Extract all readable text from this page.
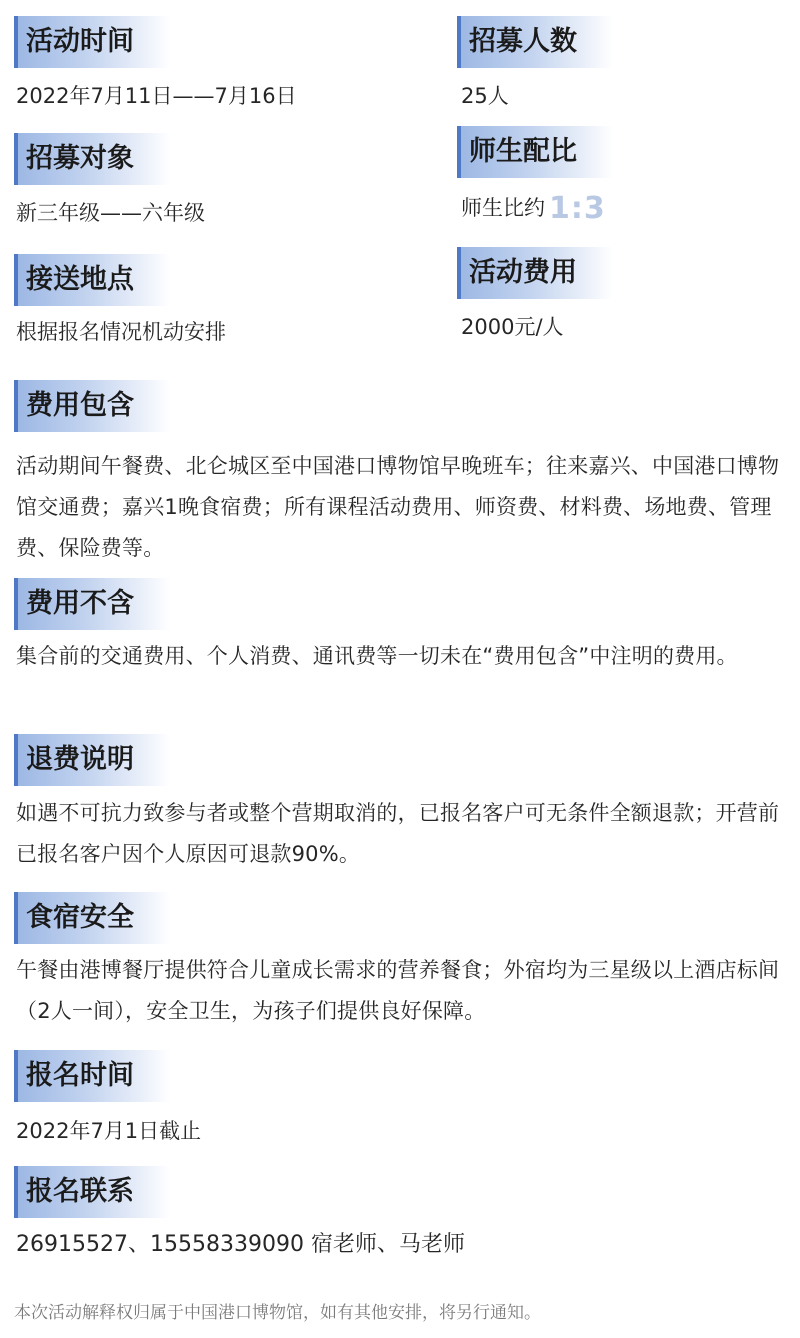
活动时间	招募人数
2022年7月11日——7月16日	25人
招募对象	师生配比
新三年级——六年级	师生比约 1:3
接送地点	活动费用
根据报名情况机动安排	2000元/人
费用包含
活动期间午餐费、北仑城区至中国港口博物馆早晚班车；往来嘉兴、中国港口博物馆交通费；嘉兴1晚食宿费；所有课程活动费用、师资费、材料费、场地费、管理费、保险费等。
费用不含
集合前的交通费用、个人消费、通讯费等一切未在“费用包含”中注明的费用。
退费说明
如遇不可抗力致参与者或整个营期取消的，已报名客户可无条件全额退款；开营前已报名客户因个人原因可退款90%。
食宿安全
午餐由港博餐厅提供符合儿童成长需求的营养餐食；外宿均为三星级以上酒店标间（2人一间），安全卫生，为孩子们提供良好保障。
报名时间
2022年7月1日截止
报名联系
26915527、15558339090 宿老师、马老师
本次活动解释权归属于中国港口博物馆，如有其他安排，将另行通知。
